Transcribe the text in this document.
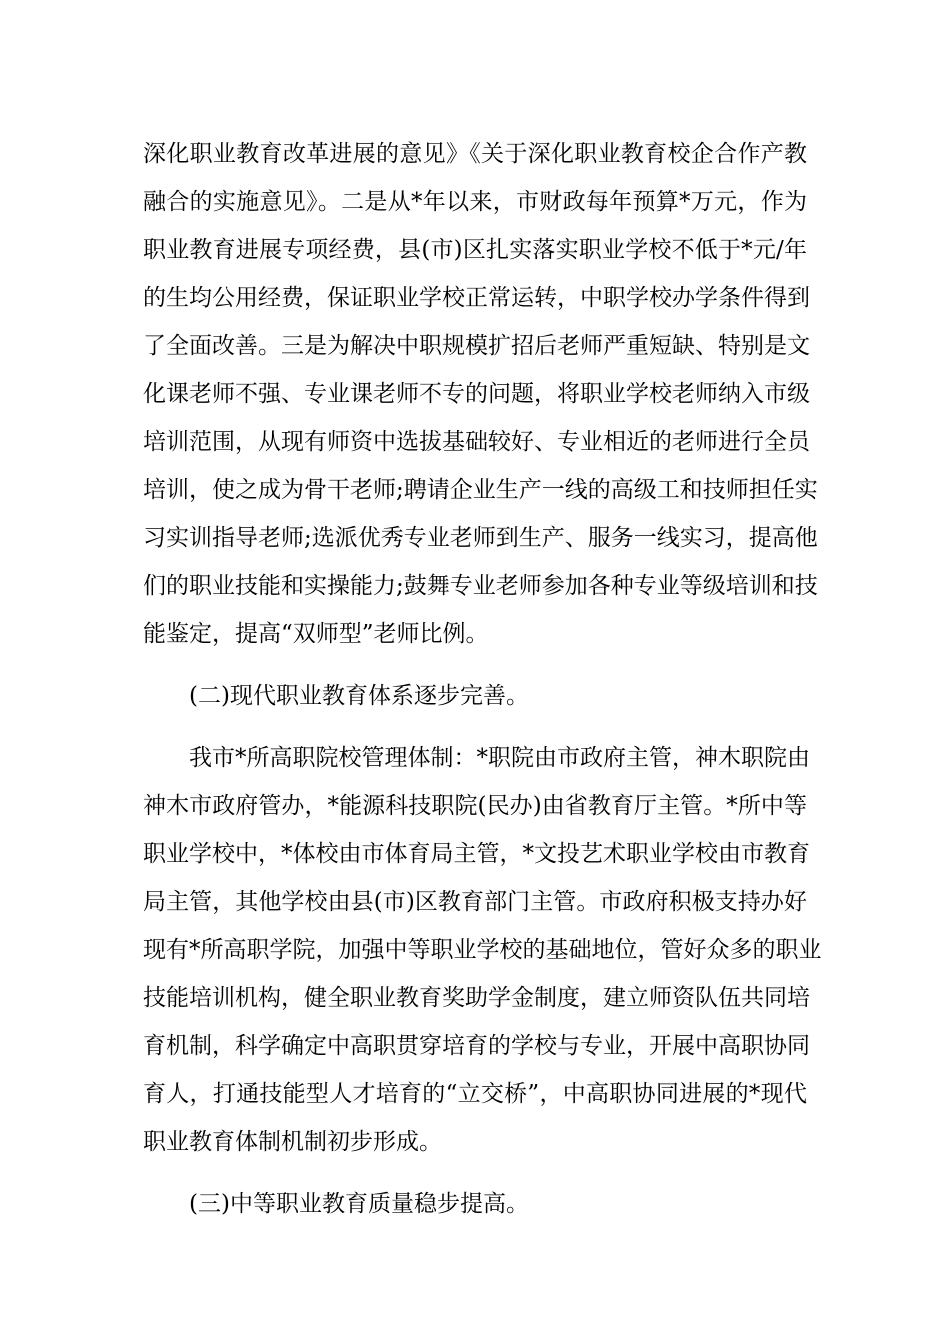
深化职业教育改革进展的意见》《关于深化职业教育校企合作产教
融合的实施意见》。二是从*年以来，市财政每年预算*万元，作为
职业教育进展专项经费，县(市)区扎实落实职业学校不低于*元/年
的生均公用经费，保证职业学校正常运转，中职学校办学条件得到
了全面改善。三是为解决中职规模扩招后老师严重短缺、特别是文
化课老师不强、专业课老师不专的问题，将职业学校老师纳入市级
培训范围，从现有师资中选拔基础较好、专业相近的老师进行全员
培训，使之成为骨干老师;聘请企业生产一线的高级工和技师担任实
习实训指导老师;选派优秀专业老师到生产、服务一线实习，提高他
们的职业技能和实操能力;鼓舞专业老师参加各种专业等级培训和技
能鉴定，提高“双师型”老师比例。
(二)现代职业教育体系逐步完善。
我市*所高职院校管理体制：*职院由市政府主管，神木职院由
神木市政府管办，*能源科技职院(民办)由省教育厅主管。*所中等
职业学校中，*体校由市体育局主管，*文投艺术职业学校由市教育
局主管，其他学校由县(市)区教育部门主管。市政府积极支持办好
现有*所高职学院，加强中等职业学校的基础地位，管好众多的职业
技能培训机构，健全职业教育奖助学金制度，建立师资队伍共同培
育机制，科学确定中高职贯穿培育的学校与专业，开展中高职协同
育人，打通技能型人才培育的“立交桥”，中高职协同进展的*现代
职业教育体制机制初步形成。
(三)中等职业教育质量稳步提高。
